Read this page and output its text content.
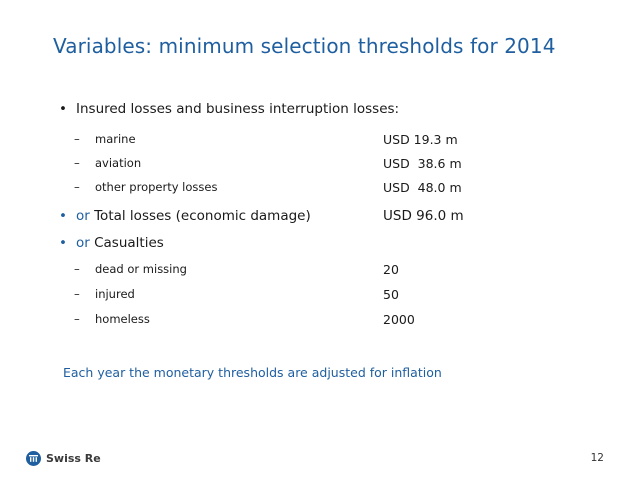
Variables: minimum selection thresholds for 2014
• Insured losses and business interruption losses:
– marine	USD 19.3 m
– aviation	USD  38.6 m
– other property losses	USD  48.0 m
• or Total losses (economic damage)	USD 96.0 m
• or Casualties
– dead or missing	20
– injured	50
– homeless	2000
Each year the monetary thresholds are adjusted for inflation
Swiss Re	12
